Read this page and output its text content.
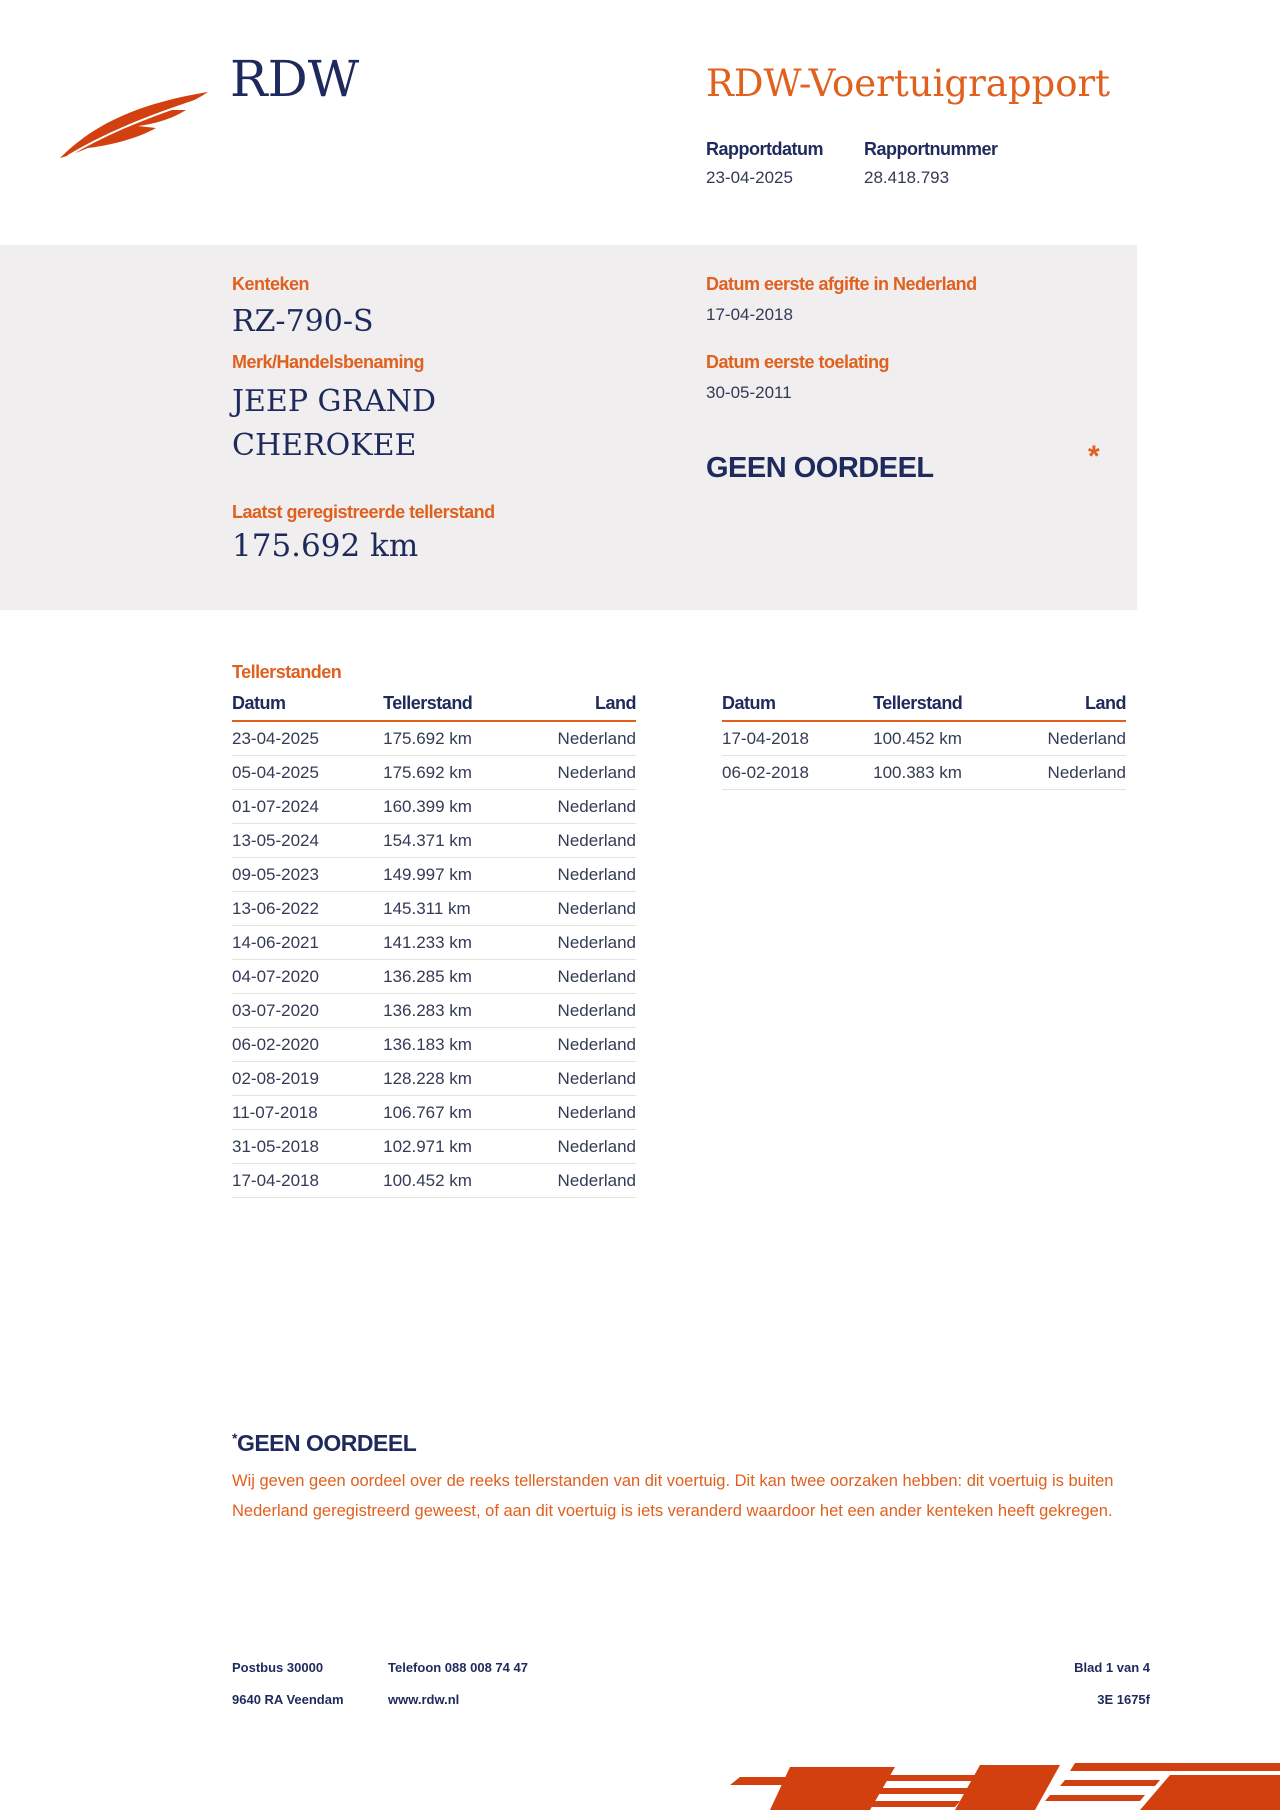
RDW	RDW-Voertuigrapport
Rapportdatum
23-04-2025
Rapportnummer
28.418.793
Kenteken
RZ-790-S
Merk/Handelsbenaming
JEEP GRAND
CHEROKEE
Laatst geregistreerde tellerstand
175.692 km
Datum eerste afgifte in Nederland
17-04-2018
Datum eerste toelating
30-05-2011
GEEN OORDEEL	*
Tellerstanden
Datum	Tellerstand	Land
23-04-2025	175.692 km	Nederland
05-04-2025	175.692 km	Nederland
01-07-2024	160.399 km	Nederland
13-05-2024	154.371 km	Nederland
09-05-2023	149.997 km	Nederland
13-06-2022	145.311 km	Nederland
14-06-2021	141.233 km	Nederland
04-07-2020	136.285 km	Nederland
03-07-2020	136.283 km	Nederland
06-02-2020	136.183 km	Nederland
02-08-2019	128.228 km	Nederland
11-07-2018	106.767 km	Nederland
31-05-2018	102.971 km	Nederland
17-04-2018	100.452 km	Nederland
Datum	Tellerstand	Land
17-04-2018	100.452 km	Nederland
06-02-2018	100.383 km	Nederland
*GEEN OORDEEL
Wij geven geen oordeel over de reeks tellerstanden van dit voertuig. Dit kan twee oorzaken hebben: dit voertuig is buiten Nederland geregistreerd geweest, of aan dit voertuig is iets veranderd waardoor het een ander kenteken heeft gekregen.
Postbus 30000
9640 RA Veendam
Telefoon 088 008 74 47
www.rdw.nl
Blad 1 van 4
3E 1675f
